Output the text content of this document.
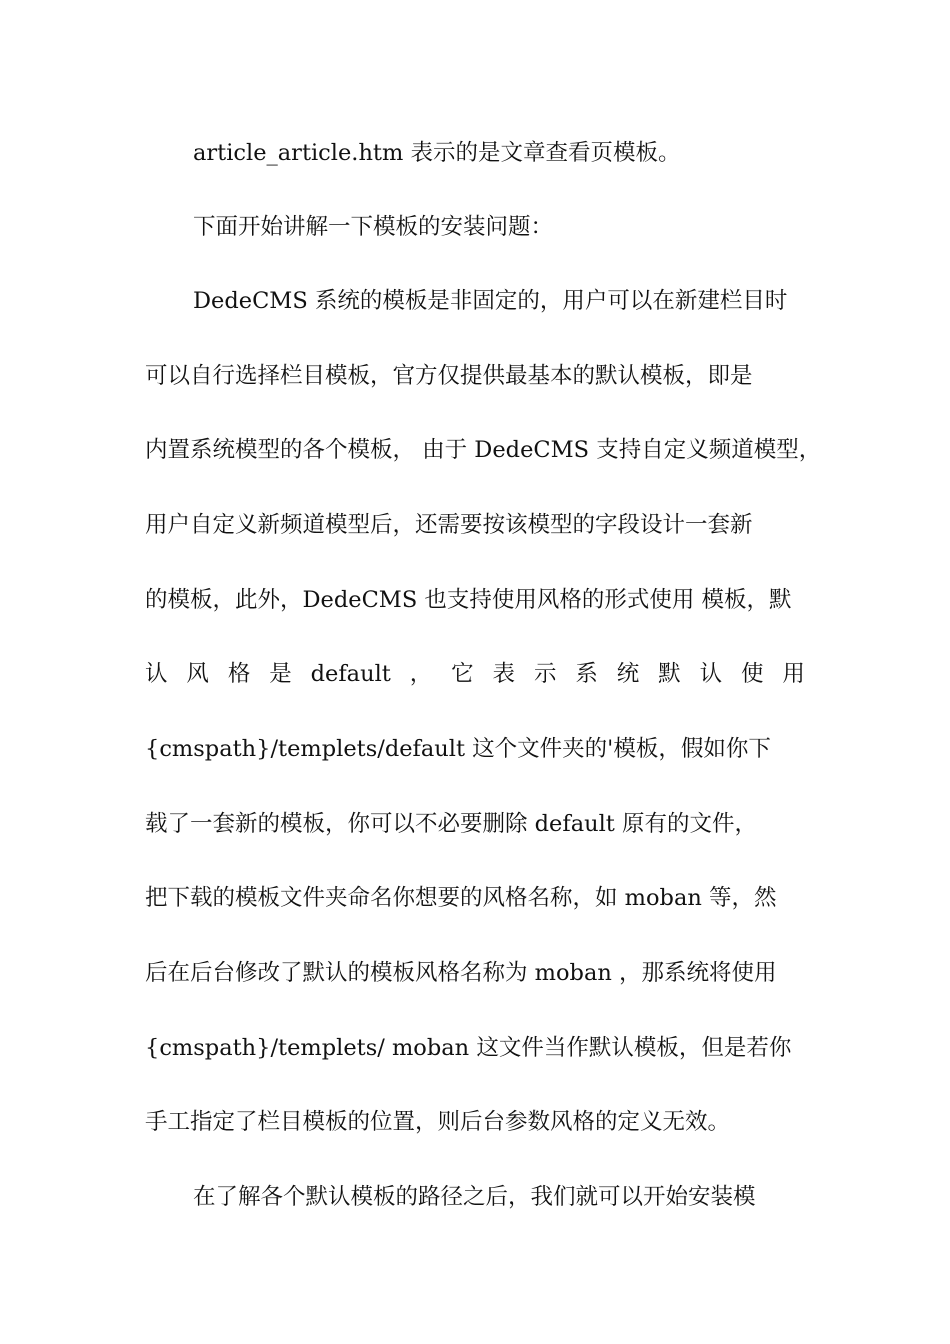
article_article.htm 表示的是文章查看页模板。
下面开始讲解一下模板的安装问题：
DedeCMS 系统的模板是非固定的，用户可以在新建栏目时
可以自行选择栏目模板，官方仅提供最基本的默认模板，即是
内置系统模型的各个模板， 由于 DedeCMS 支持自定义频道模型，
用户自定义新频道模型后，还需要按该模型的字段设计一套新
的模板，此外，DedeCMS 也支持使用风格的形式使用 模板，默
认 风 格 是 default ， 它 表 示 系 统 默 认 使 用
{cmspath}/templets/default 这个文件夹的'模板，假如你下
载了一套新的模板，你可以不必要删除 default 原有的文件，
把下载的模板文件夹命名你想要的风格名称，如 moban 等，然
后在后台修改了默认的模板风格名称为 moban ，那系统将使用
{cmspath}/templets/ moban 这文件当作默认模板，但是若你
手工指定了栏目模板的位置，则后台参数风格的定义无效。
在了解各个默认模板的路径之后，我们就可以开始安装模
